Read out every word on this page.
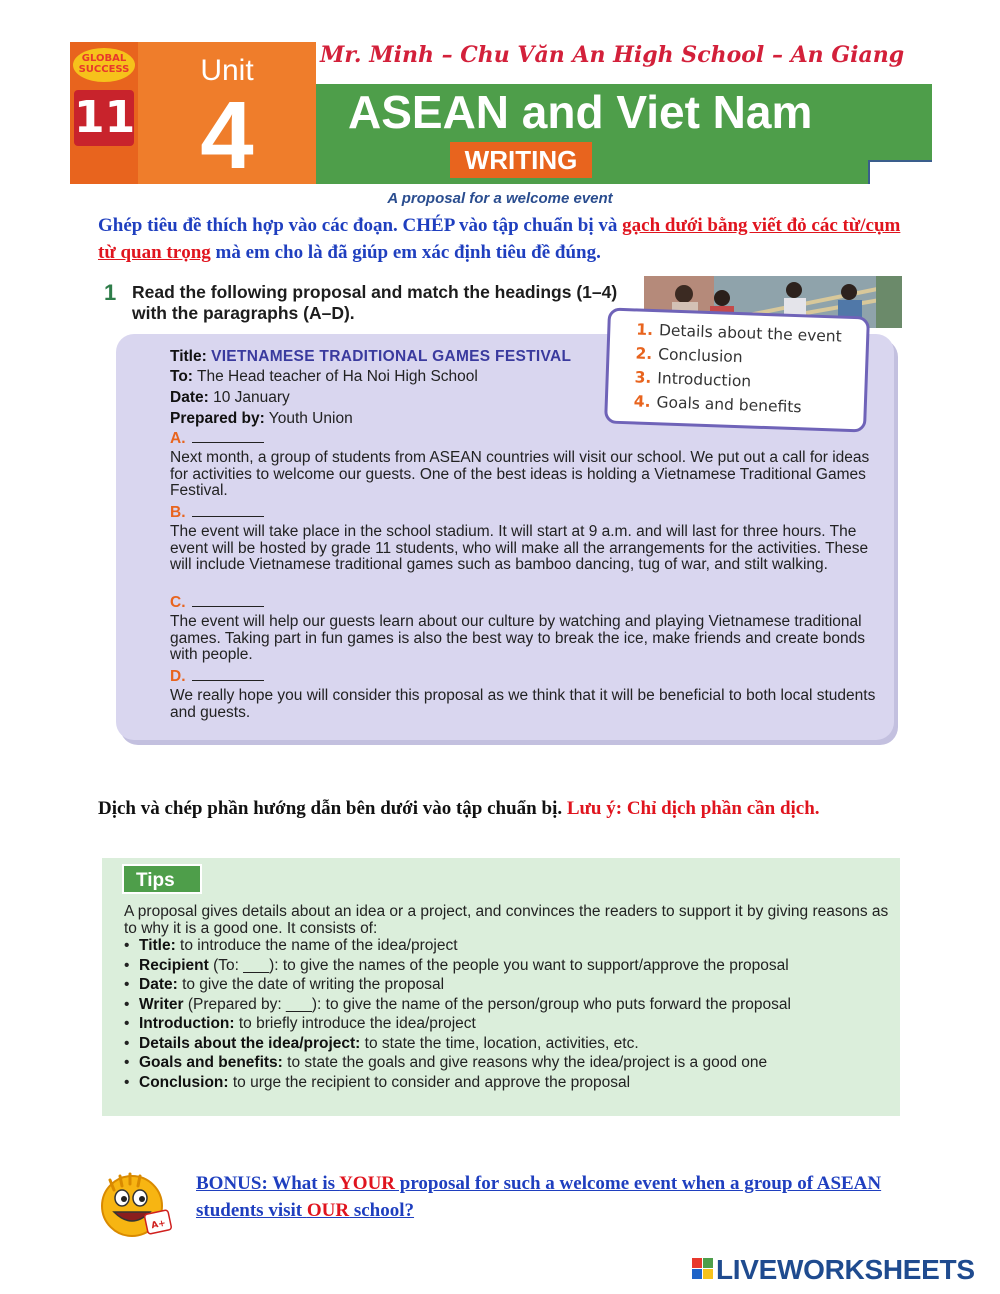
GLOBAL SUCCESS
11
Unit
4
Mr. Minh – Chu Văn An High School – An Giang
ASEAN and Viet Nam
WRITING
A proposal for a welcome event
Ghép tiêu đề thích hợp vào các đoạn. CHÉP vào tập chuẩn bị và gạch dưới bằng viết đỏ các từ/cụm từ quan trọng mà em cho là đã giúp em xác định tiêu đề đúng.
1 Read the following proposal and match the headings (1–4) with the paragraphs (A–D).
Title: VIETNAMESE TRADITIONAL GAMES FESTIVAL
To: The Head teacher of Ha Noi High School
Date: 10 January
Prepared by: Youth Union
A.
Next month, a group of students from ASEAN countries will visit our school. We put out a call for ideas for activities to welcome our guests. One of the best ideas is holding a Vietnamese Traditional Games Festival.
B.
The event will take place in the school stadium. It will start at 9 a.m. and will last for three hours. The event will be hosted by grade 11 students, who will make all the arrangements for the activities. These will include Vietnamese traditional games such as bamboo dancing, tug of war, and stilt walking.
C.
The event will help our guests learn about our culture by watching and playing Vietnamese traditional games. Taking part in fun games is also the best way to break the ice, make friends and create bonds with people.
D.
We really hope you will consider this proposal as we think that it will be beneficial to both local students and guests.
1. Details about the event
2. Conclusion
3. Introduction
4. Goals and benefits
Dịch và chép phần hướng dẫn bên dưới vào tập chuẩn bị. Lưu ý: Chỉ dịch phần cần dịch.
Tips
A proposal gives details about an idea or a project, and convinces the readers to support it by giving reasons as to why it is a good one. It consists of:
• Title: to introduce the name of the idea/project
• Recipient (To: ___): to give the names of the people you want to support/approve the proposal
• Date: to give the date of writing the proposal
• Writer (Prepared by: ___): to give the name of the person/group who puts forward the proposal
• Introduction: to briefly introduce the idea/project
• Details about the idea/project: to state the time, location, activities, etc.
• Goals and benefits: to state the goals and give reasons why the idea/project is a good one
• Conclusion: to urge the recipient to consider and approve the proposal
A+
BONUS: What is YOUR proposal for such a welcome event when a group of ASEAN students visit OUR school?
LIVEWORKSHEETS
